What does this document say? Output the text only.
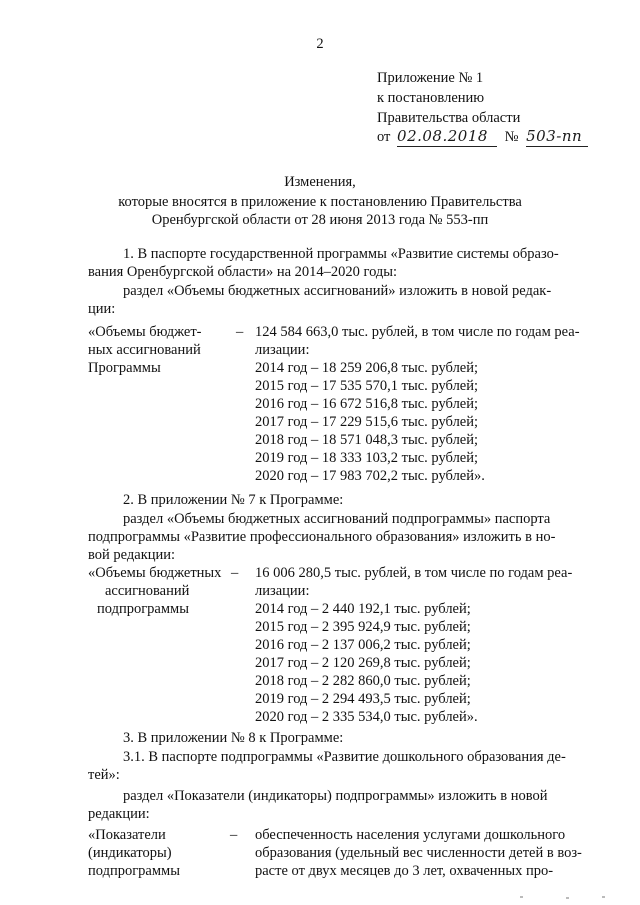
2
Приложение № 1
к постановлению
Правительства области
от 02.08.2018 № 503-пп
Изменения,
которые вносятся в приложение к постановлению Правительства
Оренбургской области от 28 июня 2013 года № 553-пп
1. В паспорте государственной программы «Развитие системы образо-
вания Оренбургской области» на 2014–2020 годы:
раздел «Объемы бюджетных ассигнований» изложить в новой редак-
ции:
«Объемы бюджет-
ных ассигнований
Программы
– 124 584 663,0 тыс. рублей, в том числе по годам реа-
лизации:
2014 год – 18 259 206,8 тыс. рублей;
2015 год – 17 535 570,1 тыс. рублей;
2016 год – 16 672 516,8 тыс. рублей;
2017 год – 17 229 515,6 тыс. рублей;
2018 год – 18 571 048,3 тыс. рублей;
2019 год – 18 333 103,2 тыс. рублей;
2020 год – 17 983 702,2 тыс. рублей».
2. В приложении № 7 к Программе:
раздел «Объемы бюджетных ассигнований подпрограммы» паспорта
подпрограммы «Развитие профессионального образования» изложить в но-
вой редакции:
«Объемы бюджетных
ассигнований
подпрограммы
– 16 006 280,5 тыс. рублей, в том числе по годам реа-
лизации:
2014 год – 2 440 192,1 тыс. рублей;
2015 год – 2 395 924,9 тыс. рублей;
2016 год – 2 137 006,2 тыс. рублей;
2017 год – 2 120 269,8 тыс. рублей;
2018 год – 2 282 860,0 тыс. рублей;
2019 год – 2 294 493,5 тыс. рублей;
2020 год – 2 335 534,0 тыс. рублей».
3. В приложении № 8 к Программе:
3.1. В паспорте подпрограммы «Развитие дошкольного образования де-
тей»:
раздел «Показатели (индикаторы) подпрограммы» изложить в новой
редакции:
«Показатели
(индикаторы)
подпрограммы
– обеспеченность населения услугами дошкольного
образования (удельный вес численности детей в воз-
расте от двух месяцев до 3 лет, охваченных про-
